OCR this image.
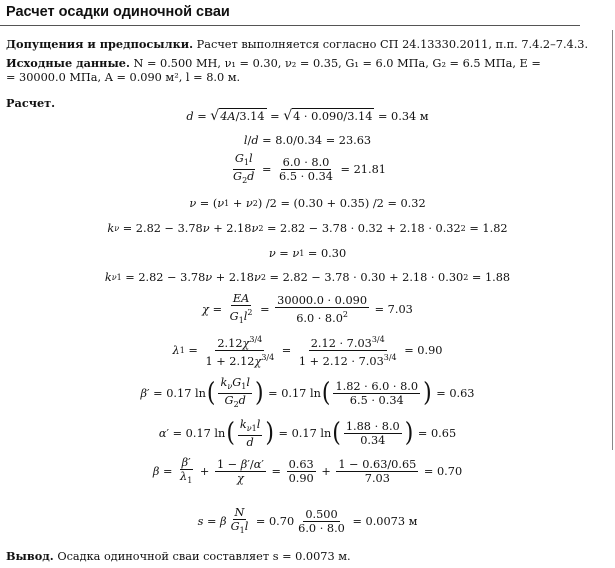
Расчет осадки одиночной сваи
Допущения и предпосылки. Расчет выполняется согласно СП 24.13330.2011, п.п. 7.4.2–7.4.3.
Исходные данные. N = 0.500 МН, ν₁ = 0.30, ν₂ = 0.35, G₁ = 6.0 МПа, G₂ = 6.5 МПа, E =
= 30000.0 МПа, A = 0.090 м², l = 8.0 м.
Расчет.
d = √ 4A/3.14 = √ 4 · 0.090/3.14 = 0.34 м
l / d = 8.0/0.34 = 23.63
$\frac{G_1l}{G_2d} = \frac{6.0 \cdot 8.0}{6.5 \cdot 0.34} = 21.81$
ν = ( ν 1 + ν 2 ) /2 = (0.30 + 0.35) /2 = 0.32
k ν = 2.82 − 3.78 ν + 2.18 ν 2 = 2.82 − 3.78 · 0.32 + 2.18 · 0.32 2 = 1.82
ν = ν 1 = 0.30
k ν1 = 2.82 − 3.78 ν + 2.18 ν 2 = 2.82 − 3.78 · 0.30 + 2.18 · 0.30 2 = 1.88
$\chi = \frac{EA}{G_1l^2} = \frac{30000.0 \cdot 0.090}{6.0 \cdot 8.0^2} = 7.03$
λ $1 = \frac{2.12\chi^{3/4}}{1 + 2.12\chi^{3/4}} = \frac{2.12 \cdot 7.03^{3/4}}{1 + 2.12 \cdot 7.03^{3/4}} = 0.90$
β ′ = 0.17 ln ( $\frac{k_\nu G_1l}{G_2d}$ ) = 0.17 ln ( $\frac{1.82 \cdot 6.0 \cdot 8.0}{6.5 \cdot 0.34}$ ) = 0.63
α ′ = 0.17 ln ( $\frac{k_{\nu 1}l}{d}$ ) = 0.17 ln ( $\frac{1.88 \cdot 8.0}{0.34}$ ) = 0.65
$\beta = \frac{\beta'}{\lambda_1} + \frac{1 - \beta'/\alpha'}{\chi} = \frac{0.63}{0.90} + \frac{1 - 0.63/0.65}{7.03} = 0.70$
s = β $\frac{N}{G_1l} = 0.70 \frac{0.500}{6.0 \cdot 8.0} = 0.0073$ м
Вывод. Осадка одиночной сваи составляет s = 0.0073 м.
